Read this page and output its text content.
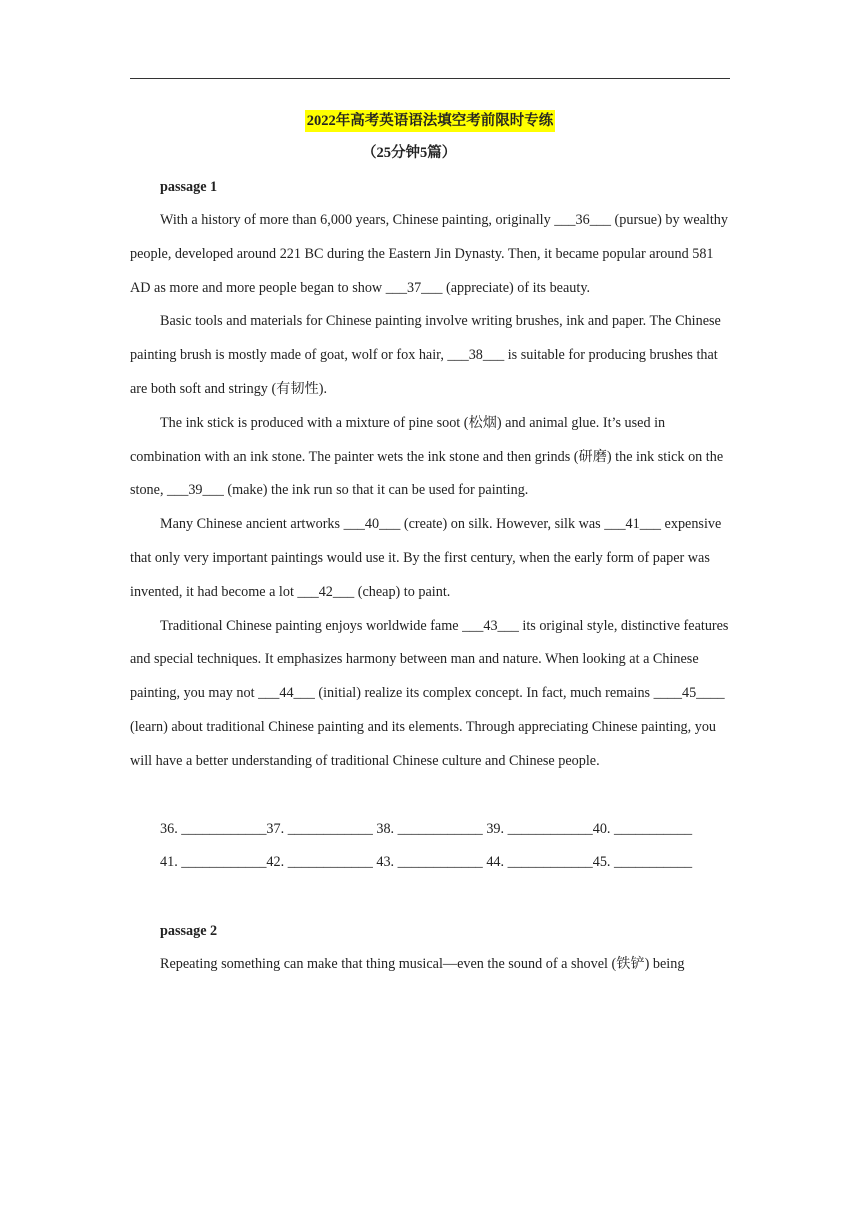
2022年高考英语语法填空考前限时专练
（25分钟5篇）
passage 1

With a history of more than 6,000 years, Chinese painting, originally ___36___ (pursue) by wealthy people, developed around 221 BC during the Eastern Jin Dynasty. Then, it became popular around 581 AD as more and more people began to show ___37___ (appreciate) of its beauty.

Basic tools and materials for Chinese painting involve writing brushes, ink and paper. The Chinese painting brush is mostly made of goat, wolf or fox hair, ___38___ is suitable for producing brushes that are both soft and stringy (有韧性).

The ink stick is produced with a mixture of pine soot (松烟) and animal glue. It’s used in combination with an ink stone. The painter wets the ink stone and then grinds (研磨) the ink stick on the stone, ___39___ (make) the ink run so that it can be used for painting.

Many Chinese ancient artworks ___40___ (create) on silk. However, silk was ___41___ expensive that only very important paintings would use it. By the first century, when the early form of paper was invented, it had become a lot ___42___ (cheap) to paint.

Traditional Chinese painting enjoys worldwide fame ___43___ its original style, distinctive features and special techniques. It emphasizes harmony between man and nature. When looking at a Chinese painting, you may not ___44___ (initial) realize its complex concept. In fact, much remains ____45____ (learn) about traditional Chinese painting and its elements. Through appreciating Chinese painting, you will have a better understanding of traditional Chinese culture and Chinese people.

36. ____________37. ____________ 38. ____________ 39. ____________40. ___________

41. ____________42. ____________ 43. ____________ 44. ____________45. ___________

passage 2

Repeating something can make that thing musical—even the sound of a shovel (铁铲) being
